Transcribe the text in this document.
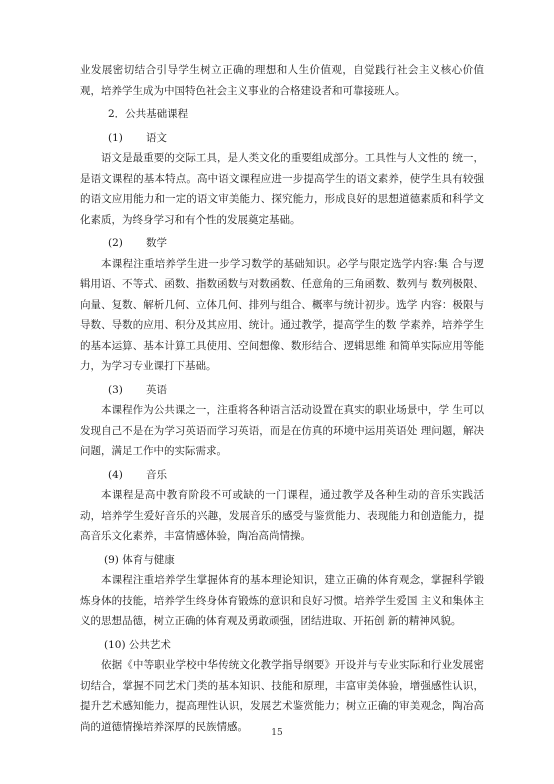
业发展密切结合引导学生树立正确的理想和人生价值观，自觉践行社会主义核心价值观，培养学生成为中国特色社会主义事业的合格建设者和可靠接班人。

2．公共基础课程
(1) 语文

语文是最重要的交际工具，是人类文化的重要组成部分。工具性与人文性的 统一，是语文课程的基本特点。高中语文课程应进一步提高学生的语文素养，使学生具有较强的语文应用能力和一定的语文审美能力、探究能力，形成良好的思想道德素质和科学文化素质，为终身学习和有个性的发展奠定基础。

(2) 数学

本课程注重培养学生进一步学习数学的基础知识。必学与限定选学内容:集 合与逻辑用语、不等式、函数、指数函数与对数函数、任意角的三角函数、数列与 数列极限、向量、复数、解析几何、立体几何、排列与组合、概率与统计初步。选学 内容：极限与导数、导数的应用、积分及其应用、统计。通过教学，提高学生的数 学素养，培养学生的基本运算、基本计算工具使用、空间想像、数形结合、逻辑思维 和简单实际应用等能力，为学习专业课打下基础。

(3) 英语

本课程作为公共课之一，注重将各种语言活动设置在真实的职业场景中，学 生可以发现自己不是在为学习英语而学习英语，而是在仿真的环境中运用英语处 理问题，解决问题，满足工作中的实际需求。

(4) 音乐

本课程是高中教育阶段不可或缺的一门课程，通过教学及各种生动的音乐实践活动，培养学生爱好音乐的兴趣，发展音乐的感受与鉴赏能力、表现能力和创造能力，提高音乐文化素养，丰富情感体验，陶冶高尚情操。

(9) 体育与健康

本课程注重培养学生掌握体育的基本理论知识，建立正确的体育观念，掌握科学锻炼身体的技能，培养学生终身体育锻炼的意识和良好习惯。培养学生爱国 主义和集体主义的思想品德，树立正确的体育观及勇敢顽强，团结进取、开拓创 新的精神风貌。

(10) 公共艺术

依据《中等职业学校中华传统文化教学指导纲要》开设并与专业实际和行业发展密切结合，掌握不同艺术门类的基本知识、技能和原理，丰富审美体验，增强感性认识，提升艺术感知能力，提高理性认识，发展艺术鉴赏能力；树立正确的审美观念，陶冶高尚的道德情操培养深厚的民族情感。

15
